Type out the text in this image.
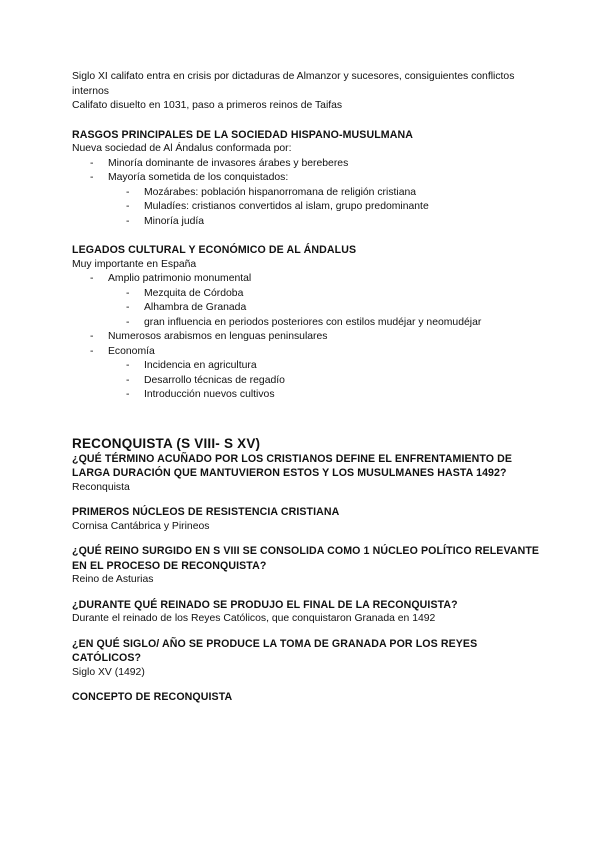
Siglo XI califato entra en crisis por dictaduras de Almanzor y sucesores, consiguientes conflictos internos

Califato disuelto en 1031, paso a primeros reinos de Taifas

RASGOS PRINCIPALES DE LA SOCIEDAD HISPANO-MUSULMANA

Nueva sociedad de Al Ándalus conformada por:

- Minoría dominante de invasores árabes y bereberes
- Mayoría sometida de los conquistados:
- Mozárabes: población hispanorromana de religión cristiana
- Muladíes: cristianos convertidos al islam, grupo predominante
- Minoría judía
LEGADOS CULTURAL Y ECONÓMICO DE AL ÁNDALUS

Muy importante en España

- Amplio patrimonio monumental
- Mezquita de Córdoba
- Alhambra de Granada
- gran influencia en periodos posteriores con estilos mudéjar y neomudéjar
- Numerosos arabismos en lenguas peninsulares
- Economía
- Incidencia en agricultura
- Desarrollo técnicas de regadío
- Introducción nuevos cultivos
RECONQUISTA (S VIII- S XV)
¿QUÉ TÉRMINO ACUÑADO POR LOS CRISTIANOS DEFINE EL ENFRENTAMIENTO DE LARGA DURACIÓN QUE MANTUVIERON ESTOS Y LOS MUSULMANES HASTA 1492?

Reconquista

PRIMEROS NÚCLEOS DE RESISTENCIA CRISTIANA

Cornisa Cantábrica y Pirineos

¿QUÉ REINO SURGIDO EN S VIII SE CONSOLIDA COMO 1 NÚCLEO POLÍTICO RELEVANTE EN EL PROCESO DE RECONQUISTA?

Reino de Asturias

¿DURANTE QUÉ REINADO SE PRODUJO EL FINAL DE LA RECONQUISTA?

Durante el reinado de los Reyes Católicos, que conquistaron Granada en 1492

¿EN QUÉ SIGLO/ AÑO SE PRODUCE LA TOMA DE GRANADA POR LOS REYES CATÓLICOS?

Siglo XV (1492)

CONCEPTO DE RECONQUISTA
